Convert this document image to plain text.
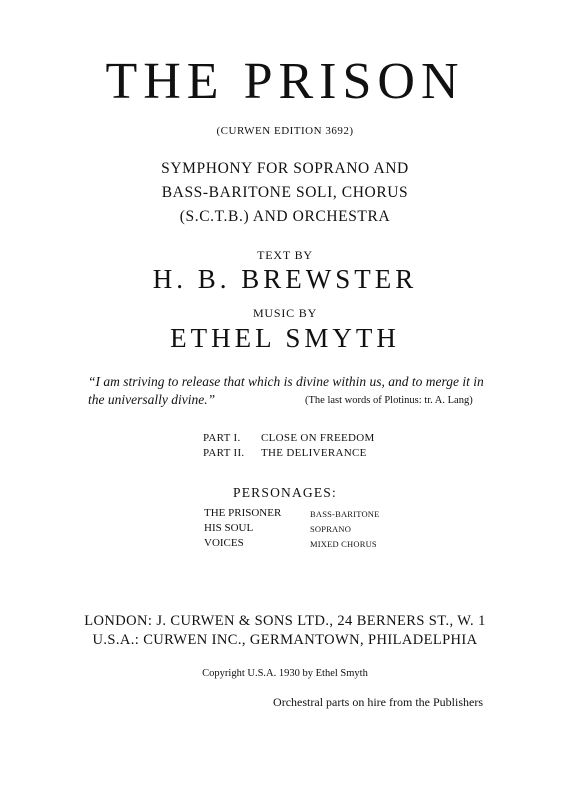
THE PRISON
(CURWEN EDITION 3692)
SYMPHONY FOR SOPRANO AND
BASS-BARITONE SOLI, CHORUS
(S.C.T.B.) AND ORCHESTRA
TEXT BY
H. B. BREWSTER
MUSIC BY
ETHEL SMYTH
“I am striving to release that which is divine within us, and to merge it in
the universally divine.”	(The last words of Plotinus: tr. A. Lang)
PART I. CLOSE ON FREEDOM
PART II. THE DELIVERANCE
PERSONAGES:
THE PRISONER	BASS-BARITONE
HIS SOUL	SOPRANO
VOICES	MIXED CHORUS
LONDON: J. CURWEN & SONS LTD., 24 BERNERS ST., W. 1
U.S.A.: CURWEN INC., GERMANTOWN, PHILADELPHIA
Copyright U.S.A. 1930 by Ethel Smyth
Orchestral parts on hire from the Publishers
